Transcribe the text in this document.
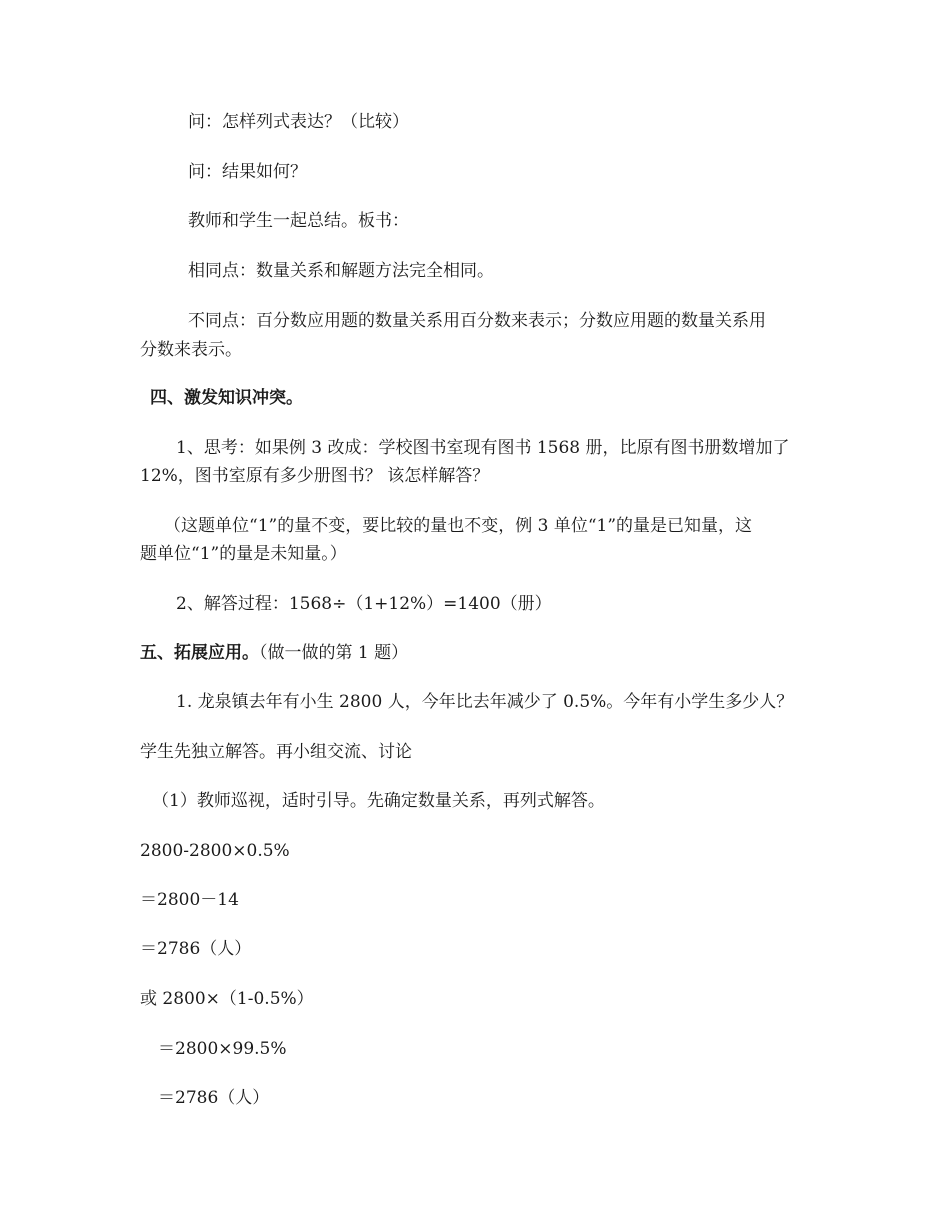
问：怎样列式表达？（比较）
问：结果如何？
教师和学生一起总结。板书：
相同点：数量关系和解题方法完全相同。
不同点：百分数应用题的数量关系用百分数来表示；分数应用题的数量关系用
分数来表示。
四、激发知识冲突。
1、思考：如果例 3 改成：学校图书室现有图书 1568 册，比原有图书册数增加了
12%，图书室原有多少册图书？ 该怎样解答？
（这题单位“1”的量不变，要比较的量也不变，例 3 单位“1”的量是已知量，这
题单位“1”的量是未知量。）
2、解答过程：1568÷（1+12%）=1400（册）
五、拓展应用。（做一做的第 1 题）
1. 龙泉镇去年有小生 2800 人，今年比去年减少了 0.5%。今年有小学生多少人？
学生先独立解答。再小组交流、讨论
（1）教师巡视，适时引导。先确定数量关系，再列式解答。
2800-2800×0.5%
＝2800－14
＝2786（人）
或 2800×（1-0.5%）
＝2800×99.5%
＝2786（人）
